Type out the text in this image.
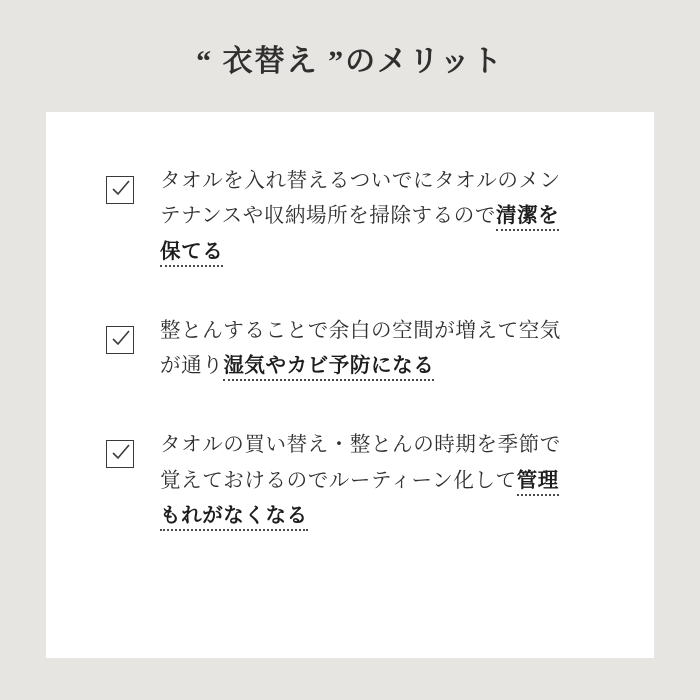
“ 衣替え ”のメリット
タオルを入れ替えるついでにタオルのメンテナンスや収納場所を掃除するので清潔を保てる
整とんすることで余白の空間が増えて空気が通り湿気やカビ予防になる
タオルの買い替え・整とんの時期を季節で覚えておけるのでルーティーン化して管理もれがなくなる
